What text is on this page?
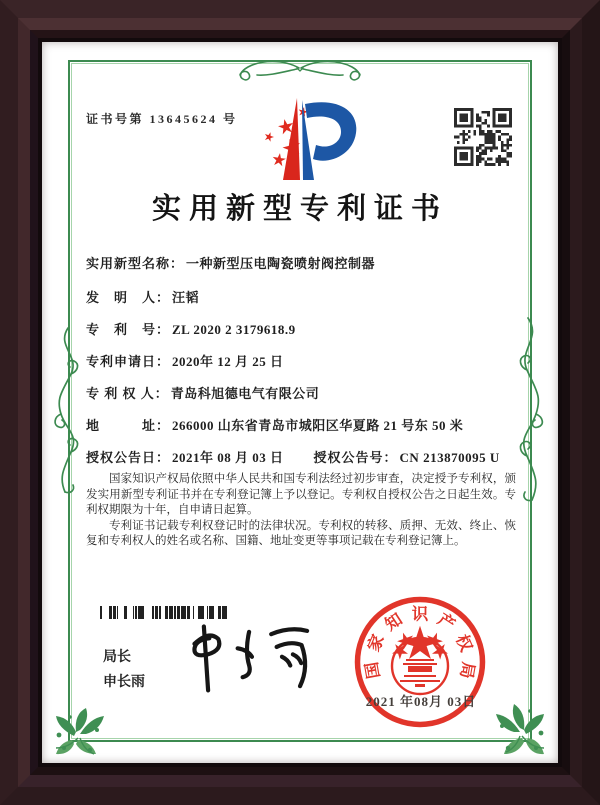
证书号第 13645624 号
实用新型专利证书
实用新型名称： 一种新型压电陶瓷喷射阀控制器
发　明　人： 汪韬
专　利　号： ZL 2020 2 3179618.9
专利申请日： 2020年 12 月 25 日
专 利 权 人： 青岛科旭德电气有限公司
地　　　址： 266000 山东省青岛市城阳区华夏路 21 号东 50 米
授权公告日： 2021年 08 月 03 日 授权公告号： CN 213870095 U

国家知识产权局依照中华人民共和国专利法经过初步审查，决定授予专利权，颁发实用新型专利证书并在专利登记簿上予以登记。专利权自授权公告之日起生效。专利权期限为十年，自申请日起算。

专利证书记载专利权登记时的法律状况。专利权的转移、质押、无效、终止、恢复和专利权人的姓名或名称、国籍、地址变更等事项记载在专利登记簿上。

局长
申长雨
国
家
知 识 产
权
局
2021 年08月 03日
